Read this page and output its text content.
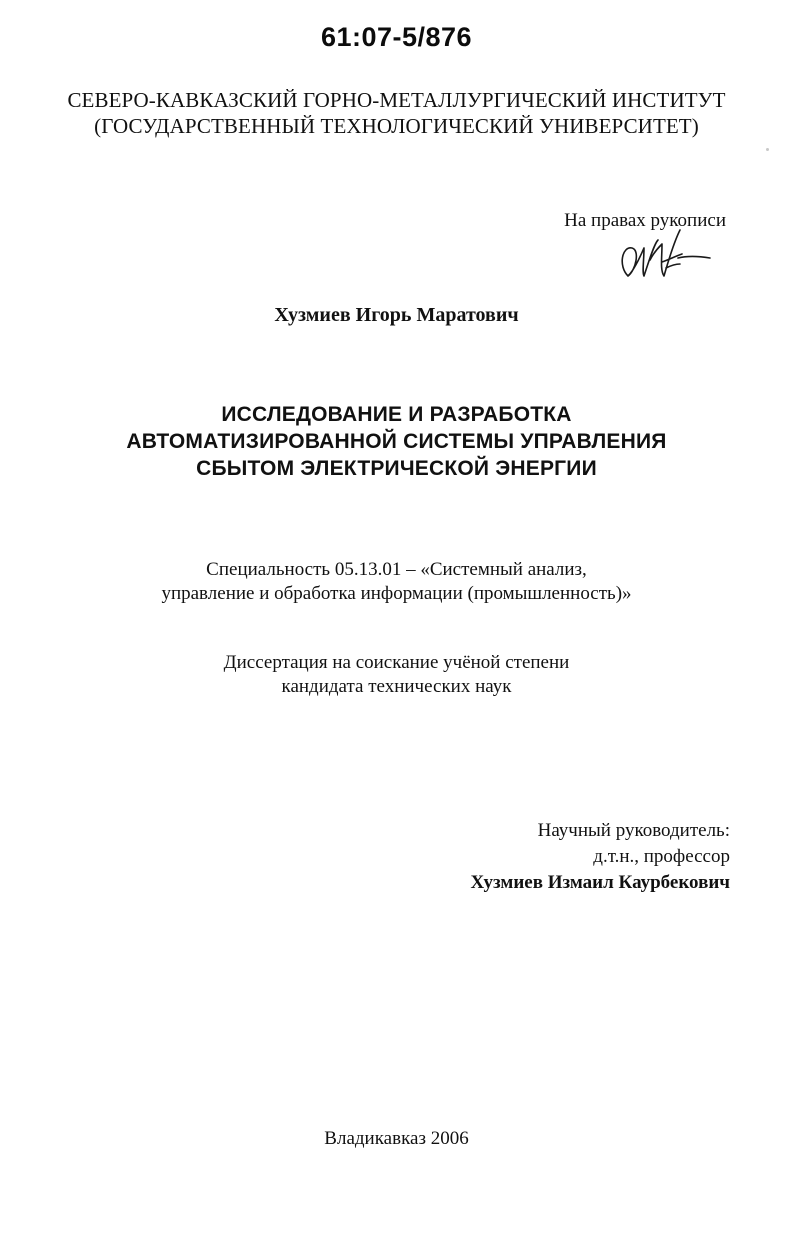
61:07-5/876
СЕВЕРО-КАВКАЗСКИЙ ГОРНО-МЕТАЛЛУРГИЧЕСКИЙ ИНСТИТУТ
(ГОСУДАРСТВЕННЫЙ ТЕХНОЛОГИЧЕСКИЙ УНИВЕРСИТЕТ)
На правах рукописи
Хузмиев Игорь Маратович
ИССЛЕДОВАНИЕ И РАЗРАБОТКА
АВТОМАТИЗИРОВАННОЙ СИСТЕМЫ УПРАВЛЕНИЯ
СБЫТОМ ЭЛЕКТРИЧЕСКОЙ ЭНЕРГИИ
Специальность 05.13.01 – «Системный анализ,
управление и обработка информации (промышленность)»
Диссертация на соискание учёной степени
кандидата технических наук
Научный руководитель:
д.т.н., профессор
Хузмиев Измаил Каурбекович
Владикавказ 2006
